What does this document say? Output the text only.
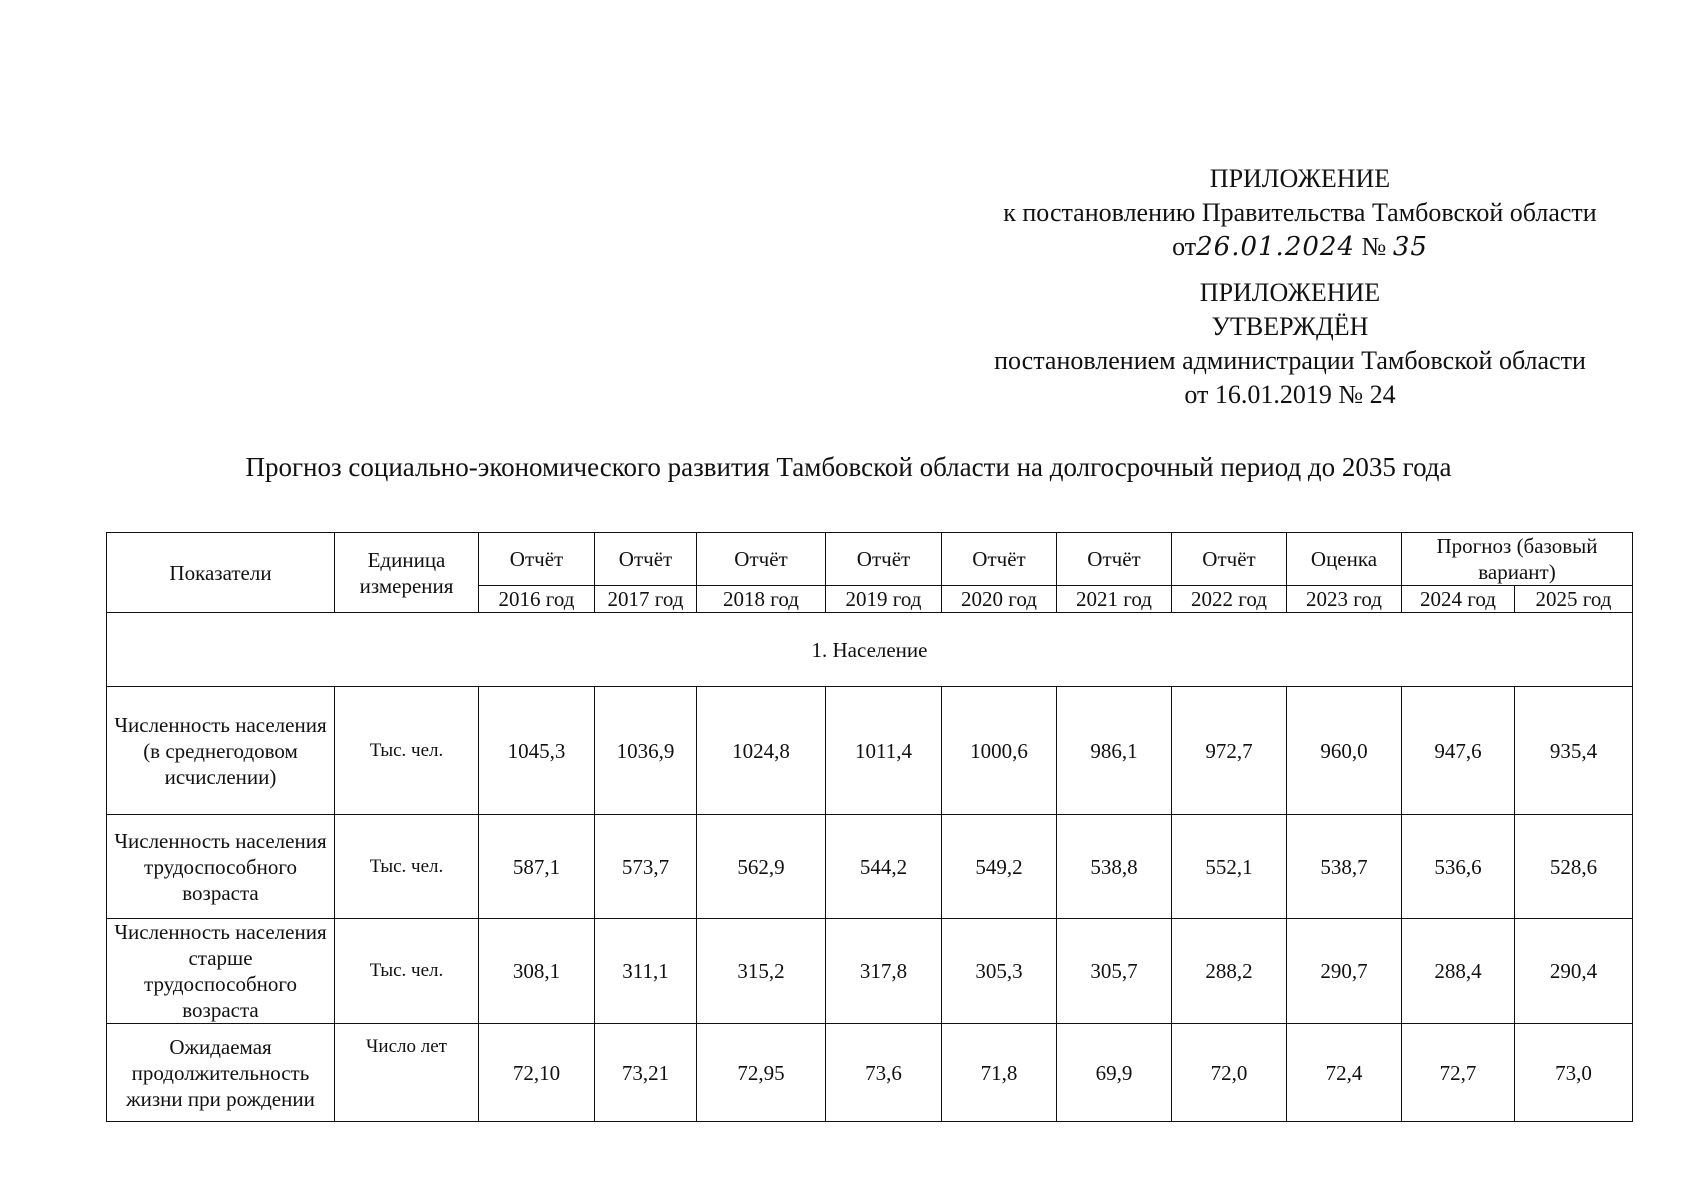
ПРИЛОЖЕНИЕ
к постановлению Правительства Тамбовской области
от26.01.2024 № 35
ПРИЛОЖЕНИЕ
УТВЕРЖДЁН
постановлением администрации Тамбовской области
от 16.01.2019 № 24
Прогноз социально-экономического развития Тамбовской области на долгосрочный период до 2035 года
Показатели	Единица измерения	Отчёт	Отчёт	Отчёт	Отчёт	Отчёт	Отчёт	Отчёт	Оценка	Прогноз (базовый вариант)	
		2016 год	2017 год	2018 год	2019 год	2020 год	2021 год	2022 год	2023 год	2024 год	2025 год
1. Население											
Численность населения (в среднегодовом исчислении)	Тыс. чел.	1045,3	1036,9	1024,8	1011,4	1000,6	986,1	972,7	960,0	947,6	935,4
Численность населения трудоспособного возраста	Тыс. чел.	587,1	573,7	562,9	544,2	549,2	538,8	552,1	538,7	536,6	528,6
Численность населения старше трудоспособного возраста	Тыс. чел.	308,1	311,1	315,2	317,8	305,3	305,7	288,2	290,7	288,4	290,4
Ожидаемая продолжительность жизни при рождении	Число лет	72,10	73,21	72,95	73,6	71,8	69,9	72,0	72,4	72,7	73,0
